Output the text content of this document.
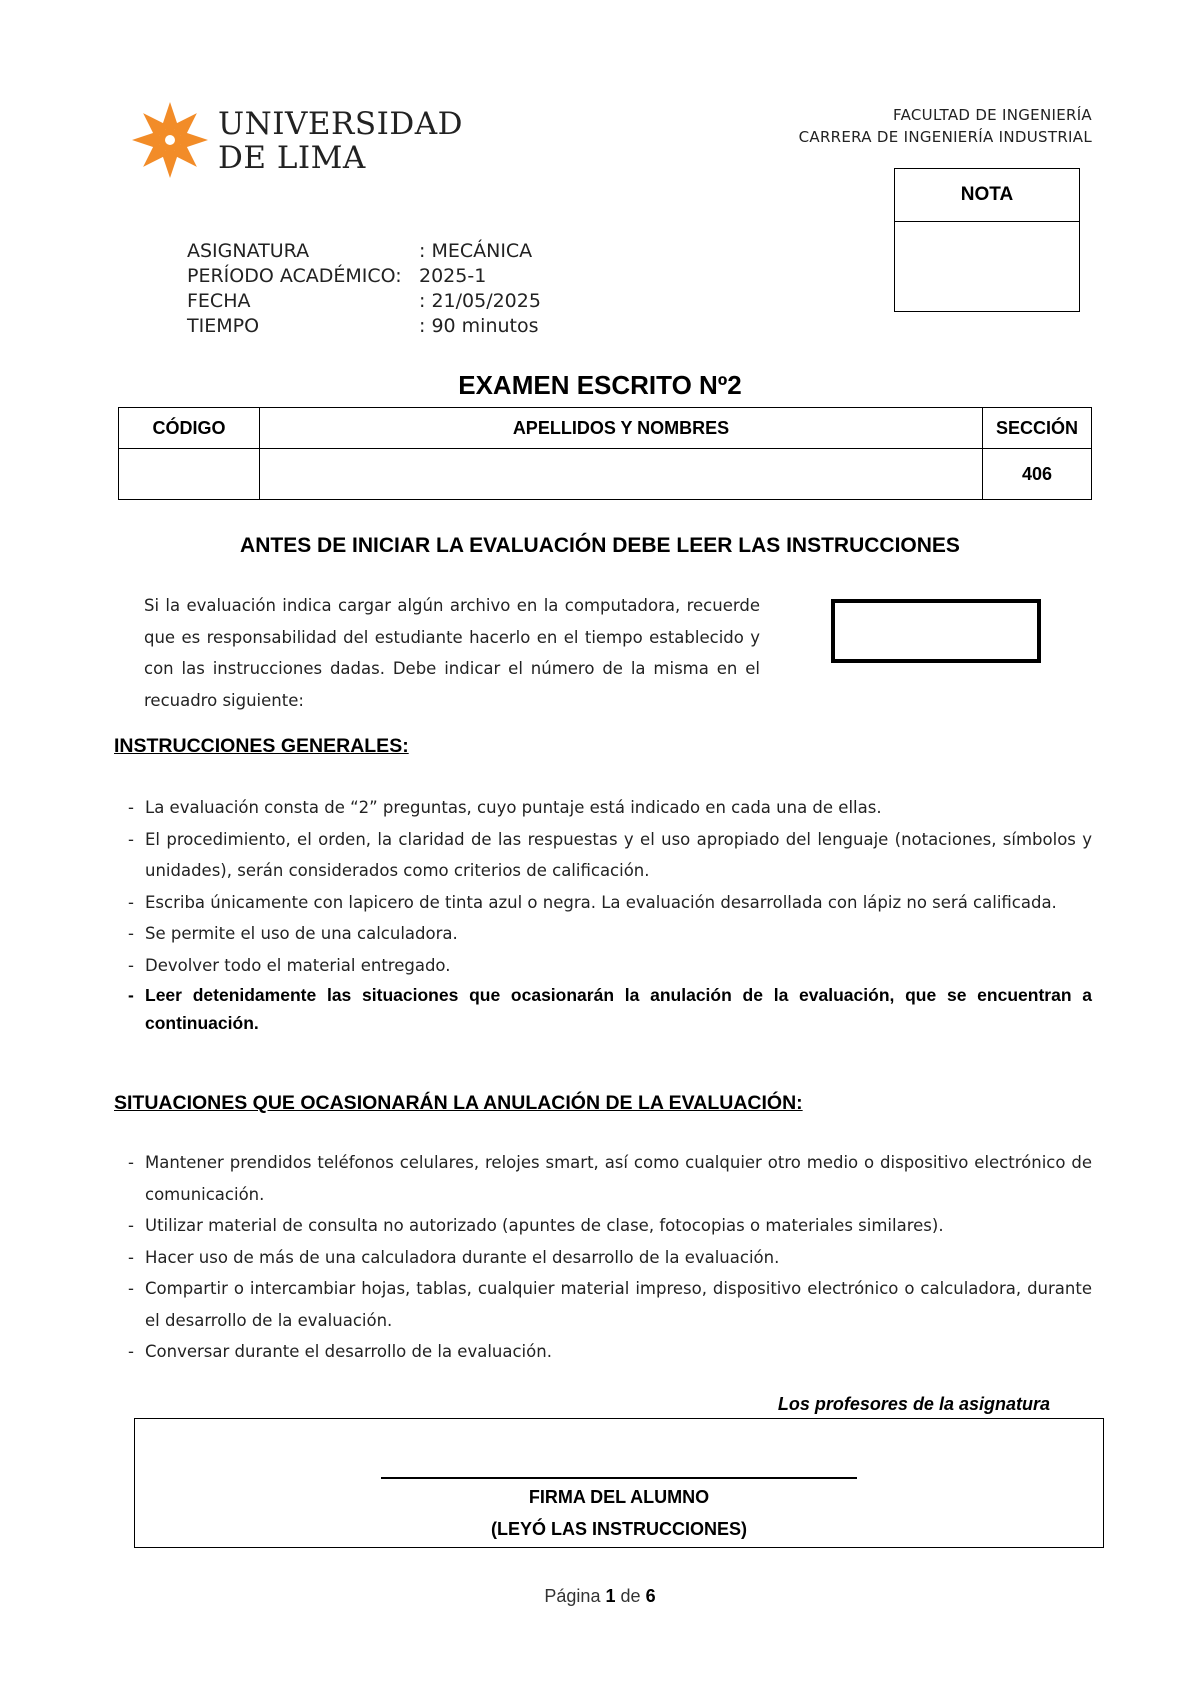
UNIVERSIDAD
DE LIMA
FACULTAD DE INGENIERÍA
CARRERA DE INGENIERÍA INDUSTRIAL
NOTA
ASIGNATURA	: MECÁNICA
PERÍODO ACADÉMICO: 2025-1
FECHA	: 21/05/2025
TIEMPO	: 90 minutos
EXAMEN ESCRITO Nº2
CÓDIGO	APELLIDOS Y NOMBRES	SECCIÓN
		406
ANTES DE INICIAR LA EVALUACIÓN DEBE LEER LAS INSTRUCCIONES
Si la evaluación indica cargar algún archivo en la computadora, recuerde que es responsabilidad del estudiante hacerlo en el tiempo establecido y con las instrucciones dadas. Debe indicar el número de la misma en el recuadro siguiente:
INSTRUCCIONES GENERALES:
- La evaluación consta de “2” preguntas, cuyo puntaje está indicado en cada una de ellas.
- El procedimiento, el orden, la claridad de las respuestas y el uso apropiado del lenguaje (notaciones, símbolos y unidades), serán considerados como criterios de calificación.
- Escriba únicamente con lapicero de tinta azul o negra. La evaluación desarrollada con lápiz no será calificada.
- Se permite el uso de una calculadora.
- Devolver todo el material entregado.
- Leer detenidamente las situaciones que ocasionarán la anulación de la evaluación, que se encuentran a continuación.
SITUACIONES QUE OCASIONARÁN LA ANULACIÓN DE LA EVALUACIÓN:
- Mantener prendidos teléfonos celulares, relojes smart, así como cualquier otro medio o dispositivo electrónico de comunicación.
- Utilizar material de consulta no autorizado (apuntes de clase, fotocopias o materiales similares).
- Hacer uso de más de una calculadora durante el desarrollo de la evaluación.
- Compartir o intercambiar hojas, tablas, cualquier material impreso, dispositivo electrónico o calculadora, durante el desarrollo de la evaluación.
- Conversar durante el desarrollo de la evaluación.
Los profesores de la asignatura
FIRMA DEL ALUMNO
(LEYÓ LAS INSTRUCCIONES)
Página 1 de 6
